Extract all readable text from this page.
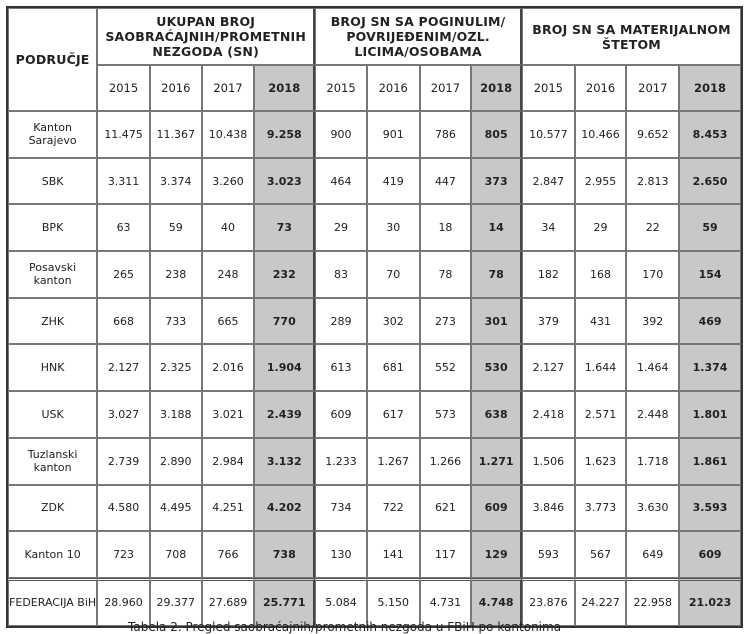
PODRUČJE	UKUPAN BROJ SAOBRAĆAJNIH/PROMETNIH NEZGODA (SN)				BROJ SN SA POGINULIM/ POVRIJEĐENIM/OZL. LICIMA/OSOBAMA				BROJ SN SA MATERIJALNOM ŠTETOM			
	2015	2016	2017	2018	2015	2016	2017	2018	2015	2016	2017	2018
Kanton Sarajevo	11.475	11.367	10.438	9.258	900	901	786	805	10.577	10.466	9.652	8.453
SBK	3.311	3.374	3.260	3.023	464	419	447	373	2.847	2.955	2.813	2.650
BPK	63	59	40	73	29	30	18	14	34	29	22	59
Posavski kanton	265	238	248	232	83	70	78	78	182	168	170	154
ZHK	668	733	665	770	289	302	273	301	379	431	392	469
HNK	2.127	2.325	2.016	1.904	613	681	552	530	2.127	1.644	1.464	1.374
USK	3.027	3.188	3.021	2.439	609	617	573	638	2.418	2.571	2.448	1.801
Tuzlanski kanton	2.739	2.890	2.984	3.132	1.233	1.267	1.266	1.271	1.506	1.623	1.718	1.861
ZDK	4.580	4.495	4.251	4.202	734	722	621	609	3.846	3.773	3.630	3.593
Kanton 10	723	708	766	738	130	141	117	129	593	567	649	609
FEDERACIJA BiH	28.960	29.377	27.689	25.771	5.084	5.150	4.731	4.748	23.876	24.227	22.958	21.023
Tabela 2. Pregled saobraćajnih/prometnih nezgoda u FBiH po kantonima
